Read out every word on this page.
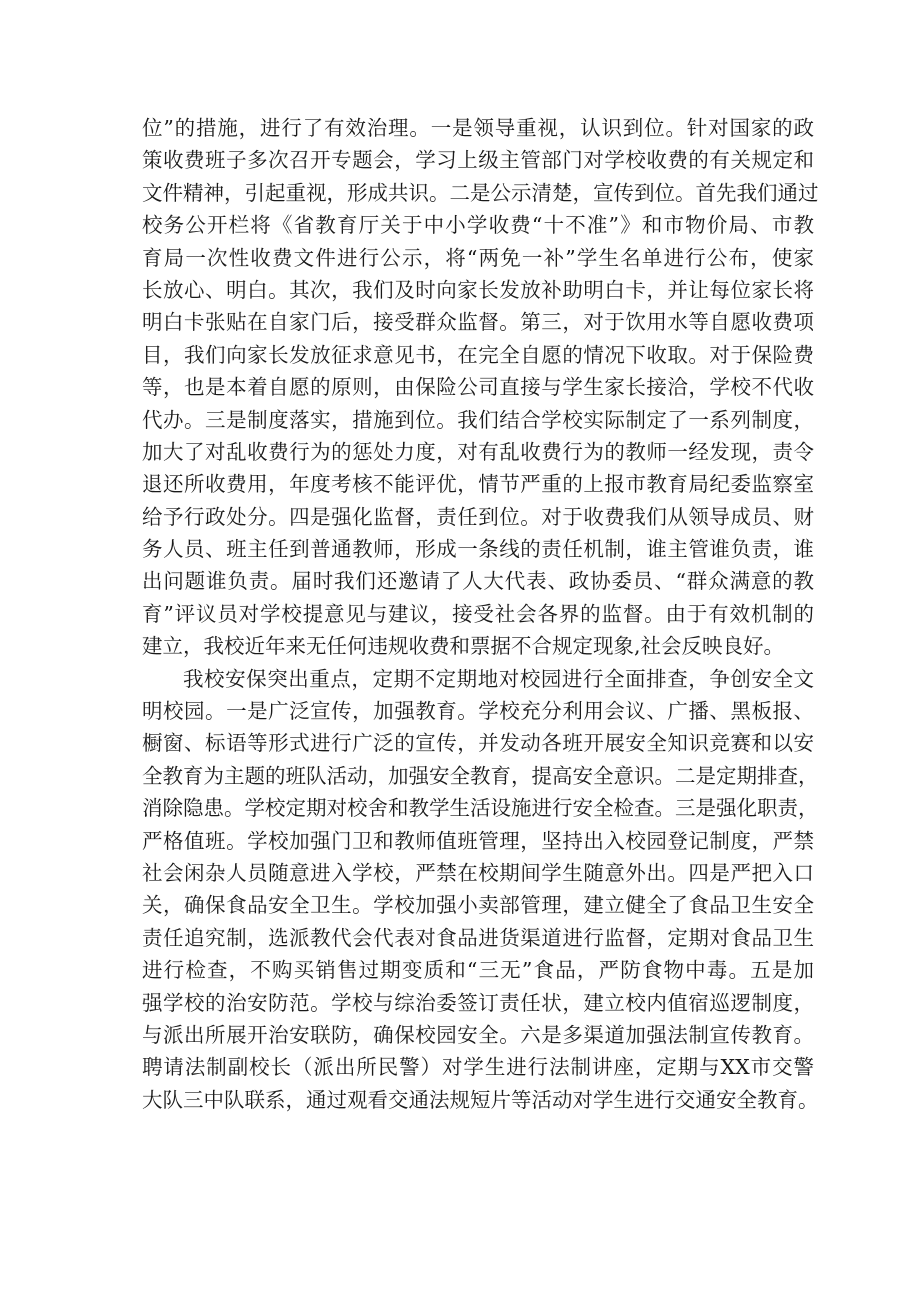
位”的措施，进行了有效治理。一是领导重视，认识到位。针对国家的政
策收费班子多次召开专题会，学习上级主管部门对学校收费的有关规定和
文件精神，引起重视，形成共识。二是公示清楚，宣传到位。首先我们通过
校务公开栏将《省教育厅关于中小学收费“十不准”》和市物价局、市教
育局一次性收费文件进行公示，将“两免一补”学生名单进行公布，使家
长放心、明白。其次，我们及时向家长发放补助明白卡，并让每位家长将
明白卡张贴在自家门后，接受群众监督。第三，对于饮用水等自愿收费项
目，我们向家长发放征求意见书，在完全自愿的情况下收取。对于保险费
等，也是本着自愿的原则，由保险公司直接与学生家长接洽，学校不代收
代办。三是制度落实，措施到位。我们结合学校实际制定了一系列制度，
加大了对乱收费行为的惩处力度，对有乱收费行为的教师一经发现，责令
退还所收费用，年度考核不能评优，情节严重的上报市教育局纪委监察室
给予行政处分。四是强化监督，责任到位。对于收费我们从领导成员、财
务人员、班主任到普通教师，形成一条线的责任机制，谁主管谁负责，谁
出问题谁负责。届时我们还邀请了人大代表、政协委员、“群众满意的教
育”评议员对学校提意见与建议，接受社会各界的监督。由于有效机制的
建立，我校近年来无任何违规收费和票据不合规定现象,社会反映良好。
我校安保突出重点，定期不定期地对校园进行全面排查，争创安全文
明校园。一是广泛宣传，加强教育。学校充分利用会议、广播、黑板报、
橱窗、标语等形式进行广泛的宣传，并发动各班开展安全知识竞赛和以安
全教育为主题的班队活动，加强安全教育，提高安全意识。二是定期排查，
消除隐患。学校定期对校舍和教学生活设施进行安全检查。三是强化职责，
严格值班。学校加强门卫和教师值班管理，坚持出入校园登记制度，严禁
社会闲杂人员随意进入学校，严禁在校期间学生随意外出。四是严把入口
关，确保食品安全卫生。学校加强小卖部管理，建立健全了食品卫生安全
责任追究制，选派教代会代表对食品进货渠道进行监督，定期对食品卫生
进行检查，不购买销售过期变质和“三无”食品，严防食物中毒。五是加
强学校的治安防范。学校与综治委签订责任状，建立校内值宿巡逻制度，
与派出所展开治安联防，确保校园安全。六是多渠道加强法制宣传教育。
聘请法制副校长（派出所民警）对学生进行法制讲座，定期与XX市交警
大队三中队联系，通过观看交通法规短片等活动对学生进行交通安全教育。
